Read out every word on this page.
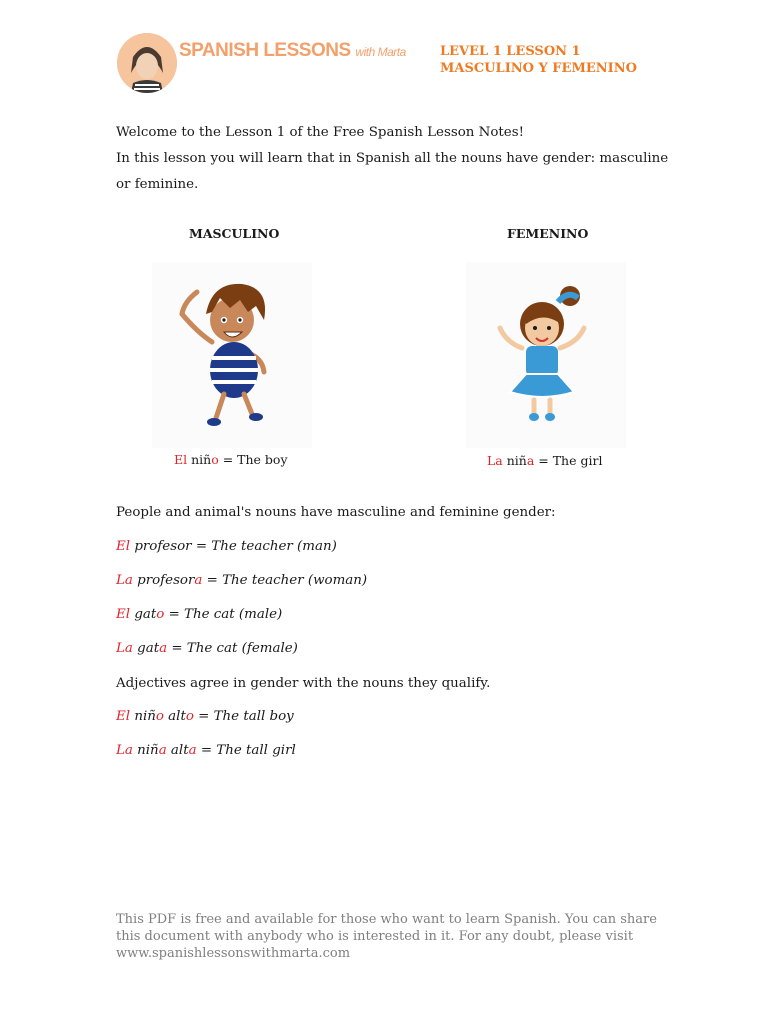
SPANISH LESSONS with Marta	LEVEL 1 LESSON 1
MASCULINO Y FEMENINO
Welcome to the Lesson 1 of the Free Spanish Lesson Notes!
In this lesson you will learn that in Spanish all the nouns have gender: masculine
or feminine.
MASCULINO	FEMENINO
El niño = The boy	La niña = The girl
People and animal's nouns have masculine and feminine gender:
El profesor = The teacher (man)
La profesora = The teacher (woman)
El gato = The cat (male)
La gata = The cat (female)
Adjectives agree in gender with the nouns they qualify.
El niño alto = The tall boy
La niña alta = The tall girl
This PDF is free and available for those who want to learn Spanish. You can share
this document with anybody who is interested in it. For any doubt, please visit
www.spanishlessonswithmarta.com
